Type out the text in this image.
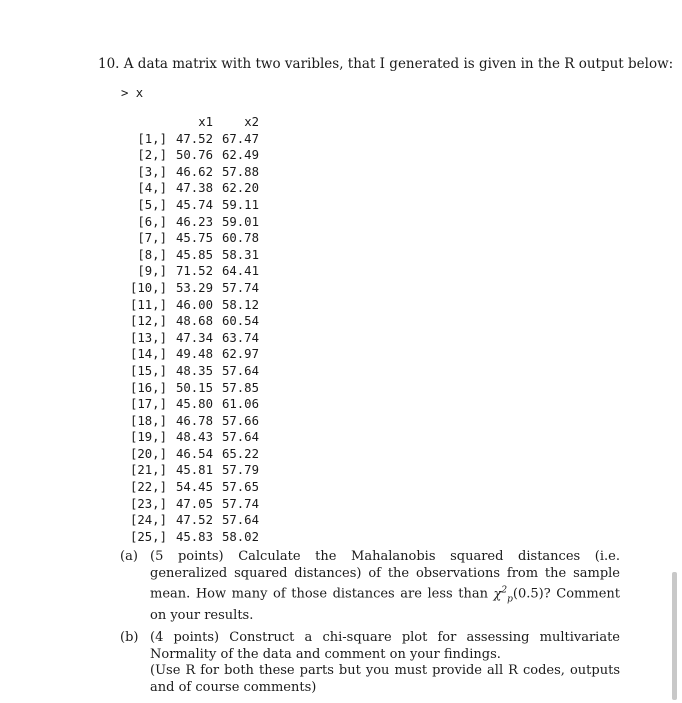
10. A data matrix with two varibles, that I generated is given in the R output below:
> x
x1	x2
[1,] 47.52 67.47
[2,] 50.76 62.49
[3,] 46.62 57.88
[4,] 47.38 62.20
[5,] 45.74 59.11
[6,] 46.23 59.01
[7,] 45.75 60.78
[8,] 45.85 58.31
[9,] 71.52 64.41
[10,] 53.29 57.74
[11,] 46.00 58.12
[12,] 48.68 60.54
[13,] 47.34 63.74
[14,] 49.48 62.97
[15,] 48.35 57.64
[16,] 50.15 57.85
[17,] 45.80 61.06
[18,] 46.78 57.66
[19,] 48.43 57.64
[20,] 46.54 65.22
[21,] 45.81 57.79
[22,] 54.45 57.65
[23,] 47.05 57.74
[24,] 47.52 57.64
[25,] 45.83 58.02
(a) (5 points) Calculate the Mahalanobis squared distances (i.e. generalized squared distances) of the observations from the sample mean. How many of those distances are less than $\chi^2_p(0.5)$? Comment on your results.
(b) (4 points) Construct a chi-square plot for assessing multivariate Normality of the data and comment on your findings.
(Use R for both these parts but you must provide all R codes, outputs and of course comments)
